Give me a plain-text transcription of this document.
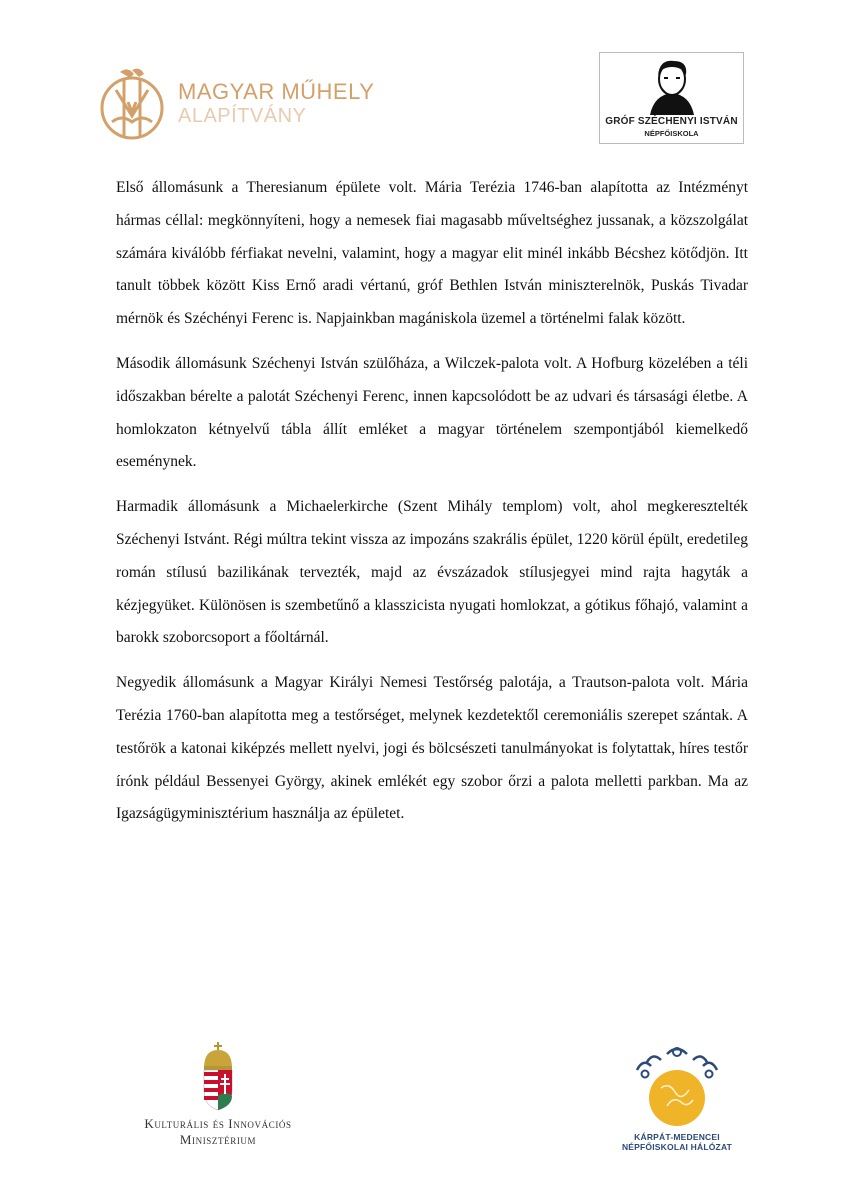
MAGYAR MŰHELY
ALAPÍTVÁNY	GRÓF SZÉCHENYI ISTVÁN
NÉPFŐISKOLA

Első állomásunk a Theresianum épülete volt. Mária Terézia 1746-ban alapította az Intézményt hármas céllal: megkönnyíteni, hogy a nemesek fiai magasabb műveltséghez jussanak, a közszolgálat számára kiválóbb férfiakat nevelni, valamint, hogy a magyar elit minél inkább Bécshez kötődjön. Itt tanult többek között Kiss Ernő aradi vértanú, gróf Bethlen István miniszterelnök, Puskás Tivadar mérnök és Széchényi Ferenc is. Napjainkban magániskola üzemel a történelmi falak között.

Második állomásunk Széchenyi István szülőháza, a Wilczek-palota volt. A Hofburg közelében a téli időszakban bérelte a palotát Széchenyi Ferenc, innen kapcsolódott be az udvari és társasági életbe. A homlokzaton kétnyelvű tábla állít emléket a magyar történelem szempontjából kiemelkedő eseménynek.

Harmadik állomásunk a Michaelerkirche (Szent Mihály templom) volt, ahol megkeresztelték Széchenyi Istvánt. Régi múltra tekint vissza az impozáns szakrális épület, 1220 körül épült, eredetileg román stílusú bazilikának tervezték, majd az évszázadok stílusjegyei mind rajta hagyták a kézjegyüket. Különösen is szembetűnő a klasszicista nyugati homlokzat, a gótikus főhajó, valamint a barokk szoborcsoport a főoltárnál.

Negyedik állomásunk a Magyar Királyi Nemesi Testőrség palotája, a Trautson-palota volt. Mária Terézia 1760-ban alapította meg a testőrséget, melynek kezdetektől ceremoniális szerepet szántak. A testőrök a katonai kiképzés mellett nyelvi, jogi és bölcsészeti tanulmányokat is folytattak, híres testőr írónk például Bessenyei György, akinek emlékét egy szobor őrzi a palota melletti parkban. Ma az Igazságügyminisztérium használja az épületet.

Kulturális és Innovációs
Minisztérium	KÁRPÁT-MEDENCEI
NÉPFŐISKOLAI HÁLÓZAT
